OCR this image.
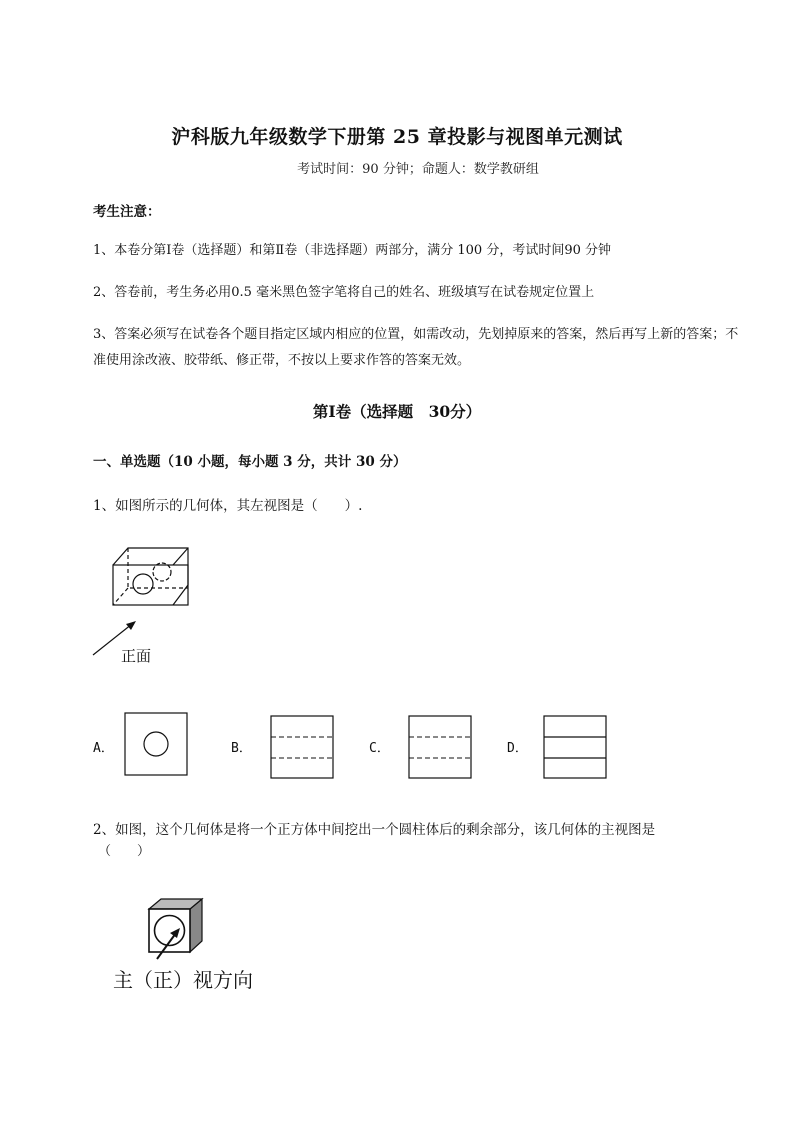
沪科版九年级数学下册第 25 章投影与视图单元测试
考试时间：90 分钟；命题人：数学教研组
考生注意：
1、本卷分第Ⅰ卷（选择题）和第Ⅱ卷（非选择题）两部分，满分 100 分，考试时间90 分钟
2、答卷前，考生务必用0.5 毫米黑色签字笔将自己的姓名、班级填写在试卷规定位置上
3、答案必须写在试卷各个题目指定区域内相应的位置，如需改动，先划掉原来的答案，然后再写上新的答案；不准使用涂改液、胶带纸、修正带，不按以上要求作答的答案无效。
第Ⅰ卷（选择题　30分）
一、单选题（10 小题，每小题 3 分，共计 30 分）
1、如图所示的几何体，其左视图是（　　）.
正面
A．	B．	C．	D．
2、如图，这个几何体是将一个正方体中间挖出一个圆柱体后的剩余部分，该几何体的主视图是
（　　）
主（正）视方向
